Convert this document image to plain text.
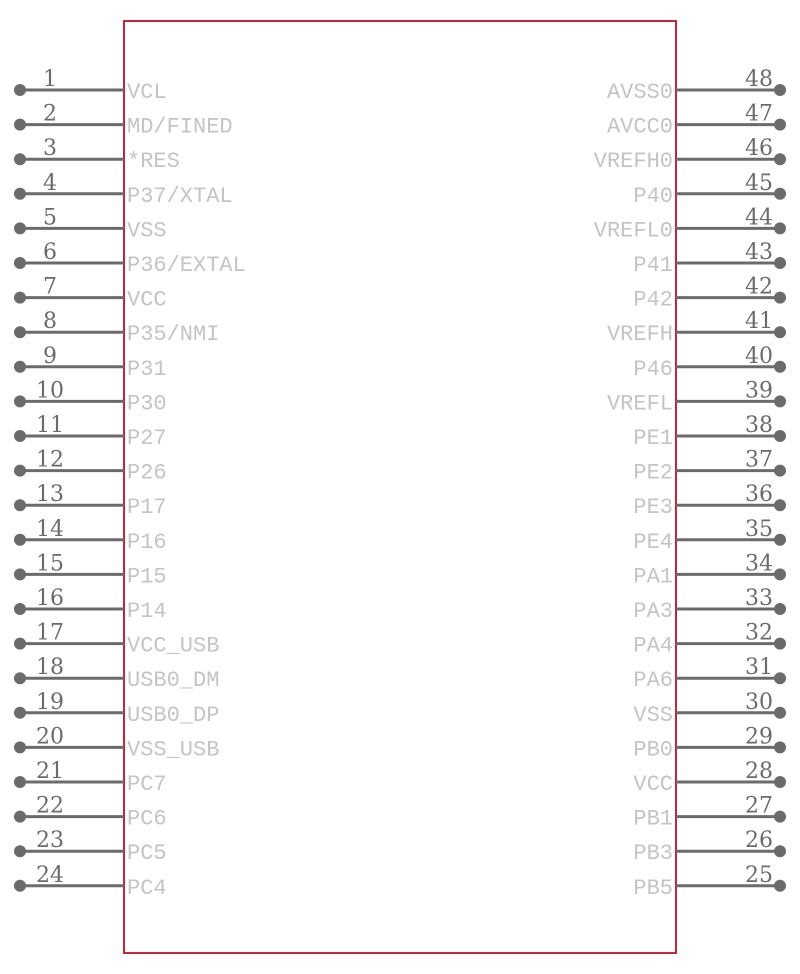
1
VCL
2
MD/FINED
3
*RES
4
P37/XTAL
5
VSS
6
P36/EXTAL
7
VCC
8
P35/NMI
9
P31
10
P30
11
P27
12
P26
13
P17
14
P16
15
P15
16
P14
17
VCC_USB
18
USB0_DM
19
USB0_DP
20
VSS_USB
21
PC7
22
PC6
23
PC5
24
PC4
48
AVSS0
47
AVCC0
46
VREFH0
45
P40
44
VREFL0
43
P41
42
P42
41
VREFH
40
P46
39
VREFL
38
PE1
37
PE2
36
PE3
35
PE4
34
PA1
33
PA3
32
PA4
31
PA6
30
VSS
29
PB0
28
VCC
27
PB1
26
PB3
25
PB5
